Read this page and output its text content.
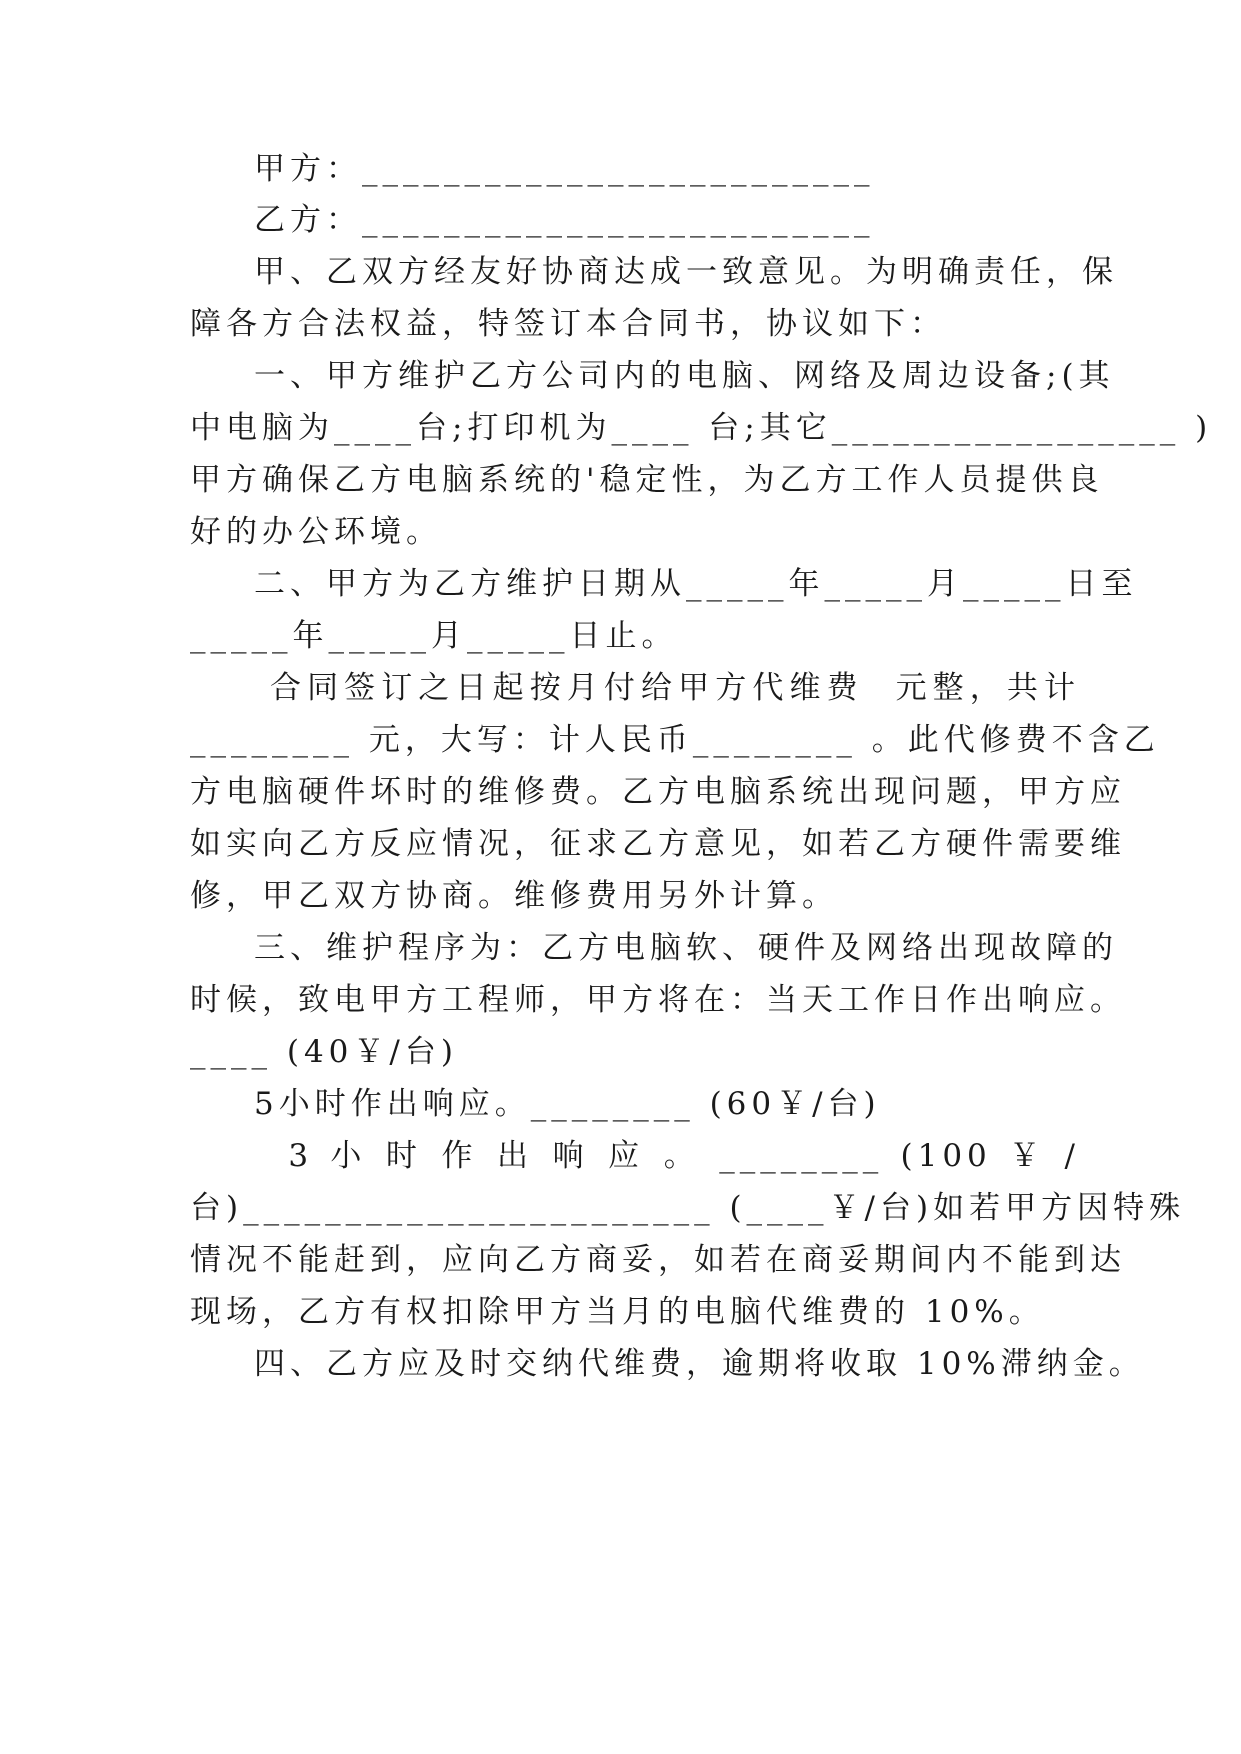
甲方：_________________________
乙方：_________________________
甲、乙双方经友好协商达成一致意见。为明确责任，保
障各方合法权益，特签订本合同书，协议如下：
一、甲方维护乙方公司内的电脑、网络及周边设备;(其
中电脑为____台;打印机为____ 台;其它_________________ )
甲方确保乙方电脑系统的'稳定性，为乙方工作人员提供良
好的办公环境。
二、甲方为乙方维护日期从_____年_____月_____日至
_____年_____月_____日止。
合同签订之日起按月付给甲方代维费  元整，共计
________ 元，大写：计人民币________ 。此代修费不含乙
方电脑硬件坏时的维修费。乙方电脑系统出现问题，甲方应
如实向乙方反应情况，征求乙方意见，如若乙方硬件需要维
修，甲乙双方协商。维修费用另外计算。
三、维护程序为：乙方电脑软、硬件及网络出现故障的
时候，致电甲方工程师，甲方将在：当天工作日作出响应。
____ (40￥/台)
5小时作出响应。________ (60￥/台)
3 小 时 作 出 响 应 。 ________ (100 ￥ /
台)_______________________ (____￥/台)如若甲方因特殊
情况不能赶到，应向乙方商妥，如若在商妥期间内不能到达
现场，乙方有权扣除甲方当月的电脑代维费的 10%。
四、乙方应及时交纳代维费，逾期将收取 10%滞纳金。
